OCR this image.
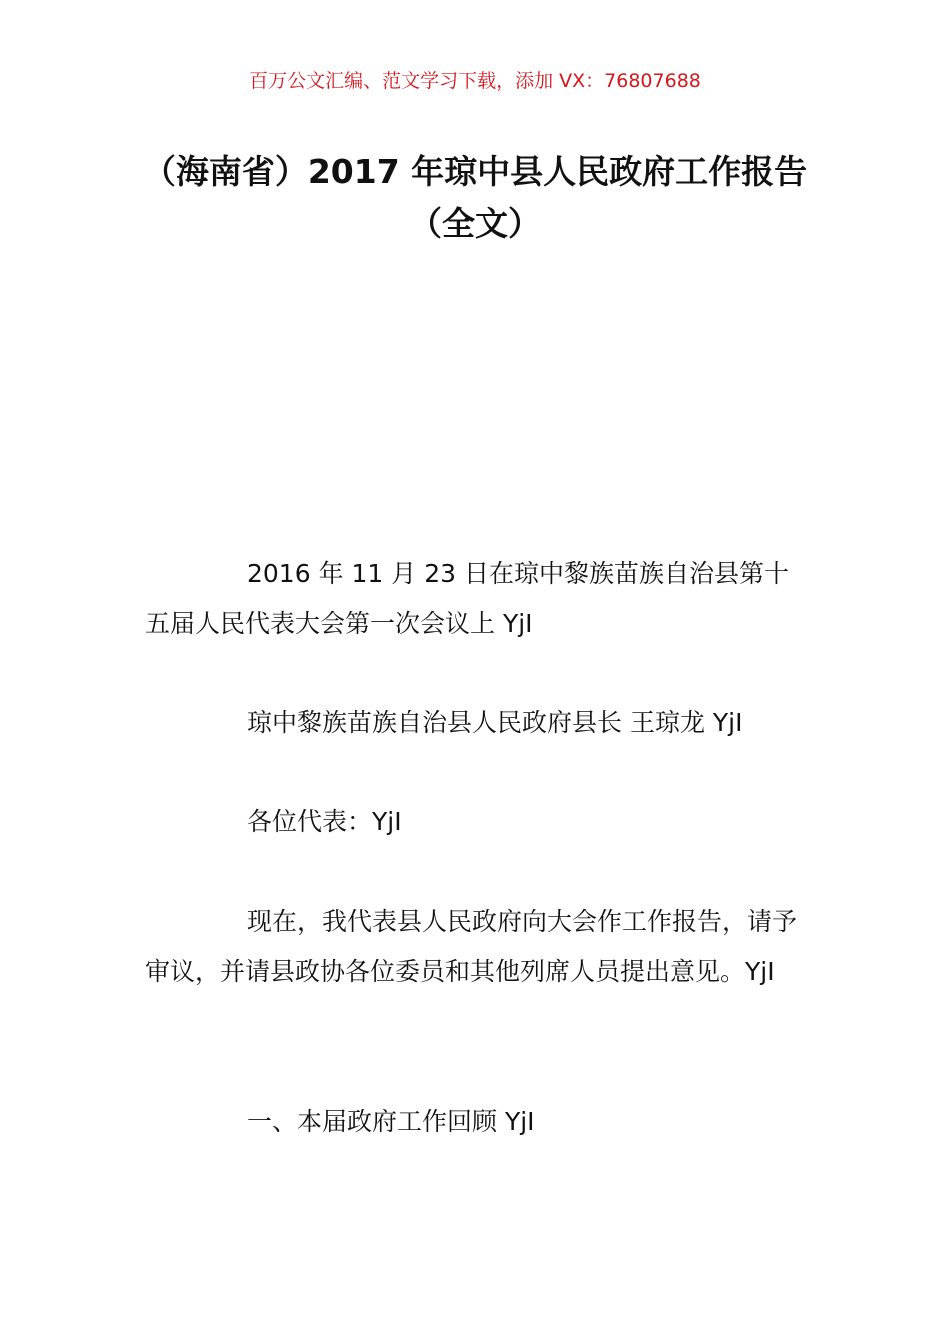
百万公文汇编、范文学习下载，添加 VX：76807688
（海南省）2017 年琼中县人民政府工作报告（全文）
2016 年 11 月 23 日在琼中黎族苗族自治县第十五届人民代表大会第一次会议上 YjI
琼中黎族苗族自治县人民政府县长 王琼龙 YjI
各位代表：YjI
现在，我代表县人民政府向大会作工作报告，请予审议，并请县政协各位委员和其他列席人员提出意见。YjI
一、本届政府工作回顾 YjI
